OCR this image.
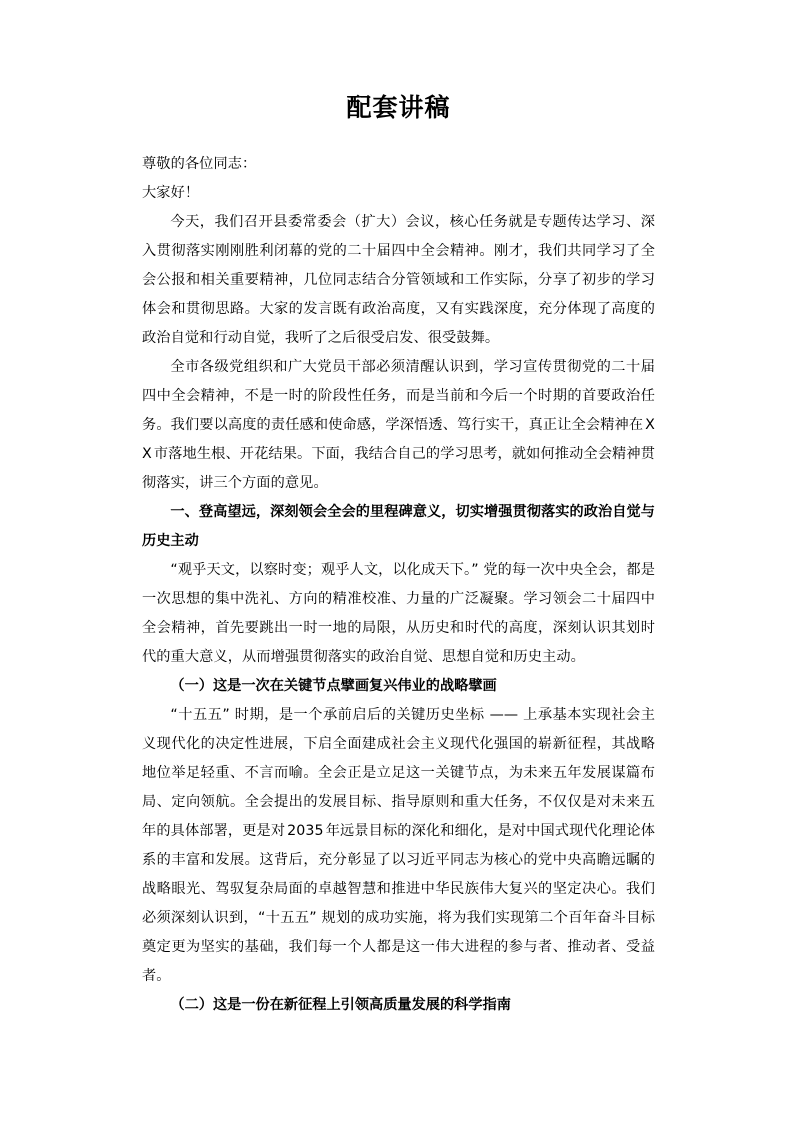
配套讲稿

尊敬的各位同志：

大家好！

今天，我们召开县委常委会（扩大）会议，核心任务就是专题传达学习、深入贯彻落实刚刚胜利闭幕的党的二十届四中全会精神。刚才，我们共同学习了全会公报和相关重要精神，几位同志结合分管领域和工作实际，分享了初步的学习体会和贯彻思路。大家的发言既有政治高度，又有实践深度，充分体现了高度的政治自觉和行动自觉，我听了之后很受启发、很受鼓舞。

全市各级党组织和广大党员干部必须清醒认识到，学习宣传贯彻党的二十届四中全会精神，不是一时的阶段性任务，而是当前和今后一个时期的首要政治任务。我们要以高度的责任感和使命感，学深悟透、笃行实干，真正让全会精神在 XX 市落地生根、开花结果。下面，我结合自己的学习思考，就如何推动全会精神贯彻落实，讲三个方面的意见。

一、登高望远，深刻领会全会的里程碑意义，切实增强贯彻落实的政治自觉与历史主动

“观乎天文，以察时变；观乎人文，以化成天下。” 党的每一次中央全会，都是一次思想的集中洗礼、方向的精准校准、力量的广泛凝聚。学习领会二十届四中全会精神，首先要跳出一时一地的局限，从历史和时代的高度，深刻认识其划时代的重大意义，从而增强贯彻落实的政治自觉、思想自觉和历史主动。

（一）这是一次在关键节点擘画复兴伟业的战略擘画

“十五五” 时期，是一个承前启后的关键历史坐标 —— 上承基本实现社会主义现代化的决定性进展，下启全面建成社会主义现代化强国的崭新征程，其战略地位举足轻重、不言而喻。全会正是立足这一关键节点，为未来五年发展谋篇布局、定向领航。全会提出的发展目标、指导原则和重大任务，不仅仅是对未来五年的具体部署，更是对 2035 年远景目标的深化和细化，是对中国式现代化理论体系的丰富和发展。这背后，充分彰显了以习近平同志为核心的党中央高瞻远瞩的战略眼光、驾驭复杂局面的卓越智慧和推进中华民族伟大复兴的坚定决心。我们必须深刻认识到，“十五五” 规划的成功实施，将为我们实现第二个百年奋斗目标奠定更为坚实的基础，我们每一个人都是这一伟大进程的参与者、推动者、受益者。

（二）这是一份在新征程上引领高质量发展的科学指南
